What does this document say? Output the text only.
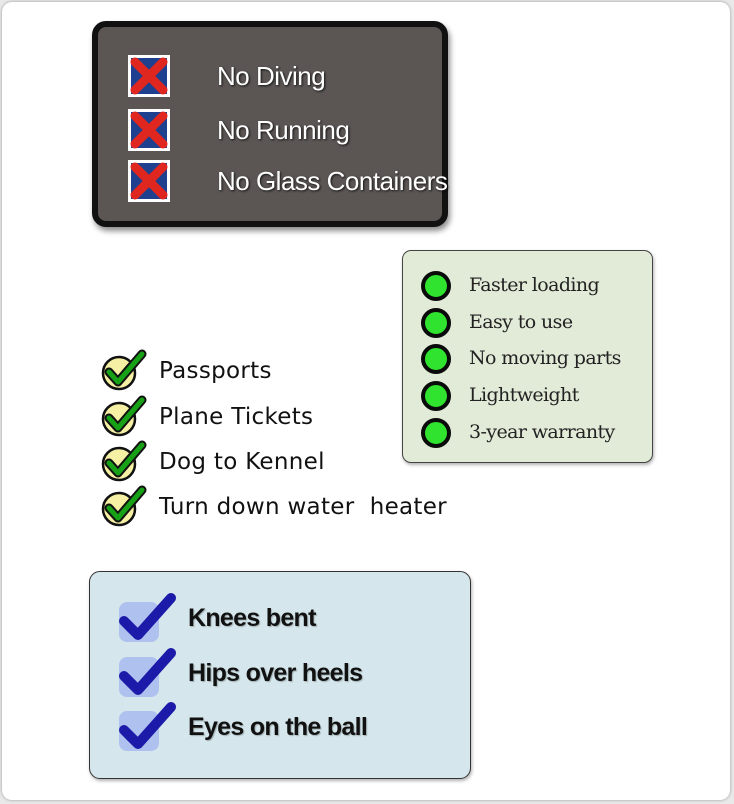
No Diving
No Running
No Glass Containers
Faster loading
Easy to use
No moving parts
Lightweight
3-year warranty
Passports
Plane Tickets
Dog to Kennel
Turn down water  heater
Knees bent
Hips over heels
Eyes on the ball
